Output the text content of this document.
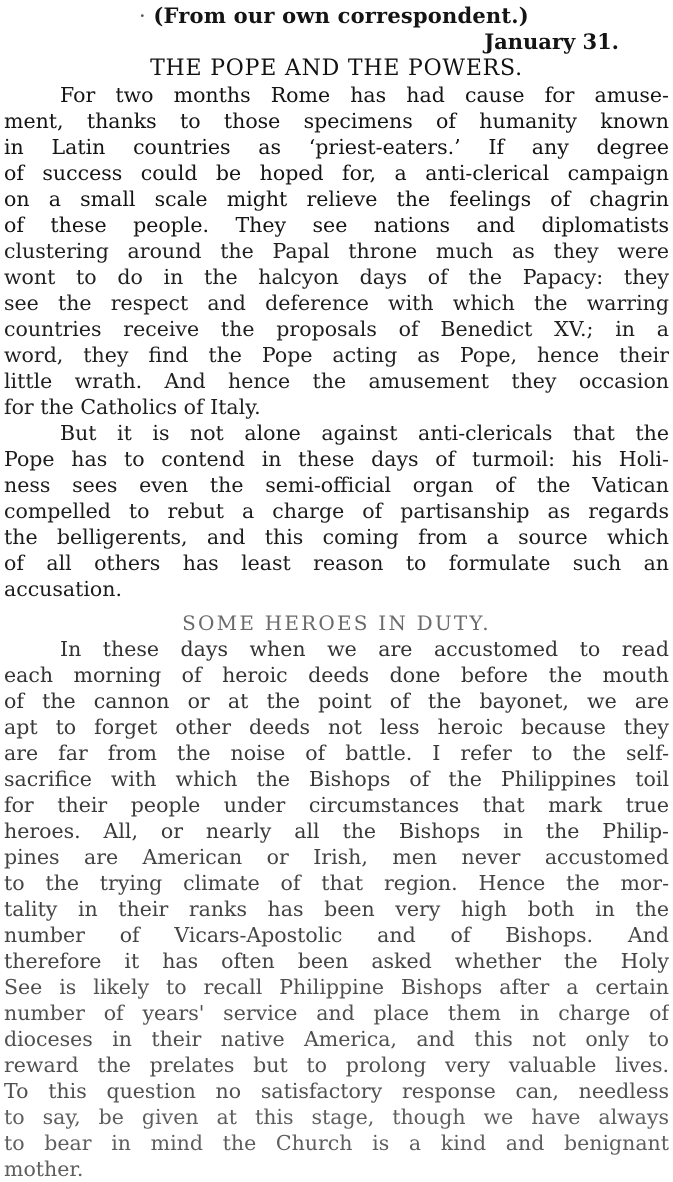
· (From our own correspondent.)
January 31.
THE POPE AND THE POWERS.
For two months Rome has had cause for amuse-
ment, thanks to those specimens of humanity known
in Latin countries as ‘priest-eaters.’ If any degree
of success could be hoped for, a anti-clerical campaign
on a small scale might relieve the feelings of chagrin
of these people. They see nations and diplomatists
clustering around the Papal throne much as they were
wont to do in the halcyon days of the Papacy: they
see the respect and deference with which the warring
countries receive the proposals of Benedict XV.; in a
word, they find the Pope acting as Pope, hence their
little wrath. And hence the amusement they occasion
for the Catholics of Italy.
But it is not alone against anti-clericals that the
Pope has to contend in these days of turmoil: his Holi-
ness sees even the semi-official organ of the Vatican
compelled to rebut a charge of partisanship as regards
the belligerents, and this coming from a source which
of all others has least reason to formulate such an
accusation.
SOME HEROES IN DUTY.
In these days when we are accustomed to read
each morning of heroic deeds done before the mouth
of the cannon or at the point of the bayonet, we are
apt to forget other deeds not less heroic because they
are far from the noise of battle. I refer to the self-
sacrifice with which the Bishops of the Philippines toil
for their people under circumstances that mark true
heroes. All, or nearly all the Bishops in the Philip-
pines are American or Irish, men never accustomed
to the trying climate of that region. Hence the mor-
tality in their ranks has been very high both in the
number of Vicars-Apostolic and of Bishops. And
therefore it has often been asked whether the Holy
See is likely to recall Philippine Bishops after a certain
number of years' service and place them in charge of
dioceses in their native America, and this not only to
reward the prelates but to prolong very valuable lives.
To this question no satisfactory response can, needless
to say, be given at this stage, though we have always
to bear in mind the Church is a kind and benignant
mother.
